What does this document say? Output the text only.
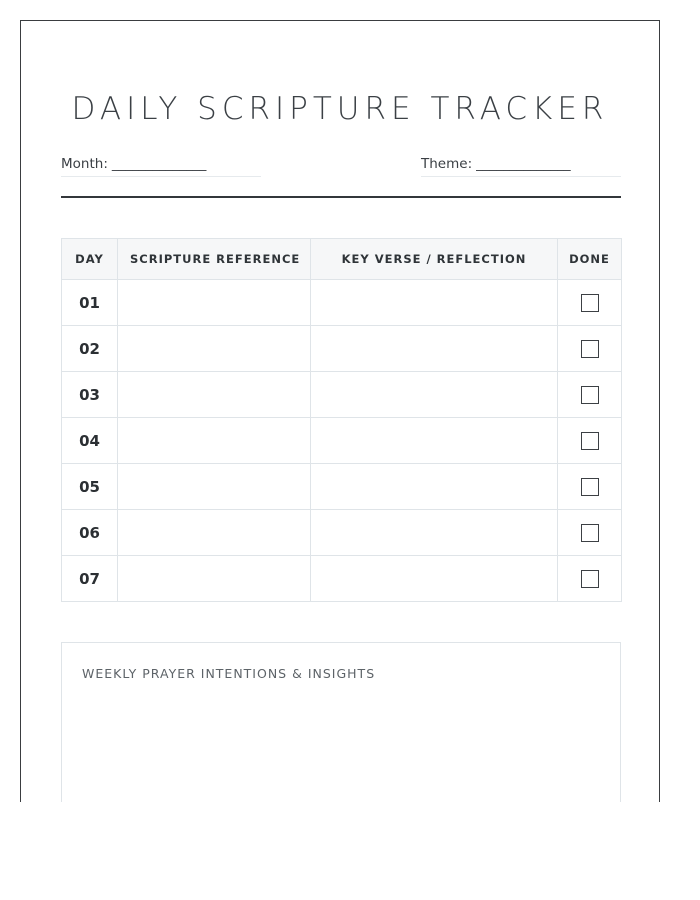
DAILY SCRIPTURE TRACKER
Month: ______________	Theme: ______________
DAY	SCRIPTURE REFERENCE	KEY VERSE / REFLECTION	DONE
01			
02			
03			
04			
05			
06			
07			
WEEKLY PRAYER INTENTIONS & INSIGHTS
